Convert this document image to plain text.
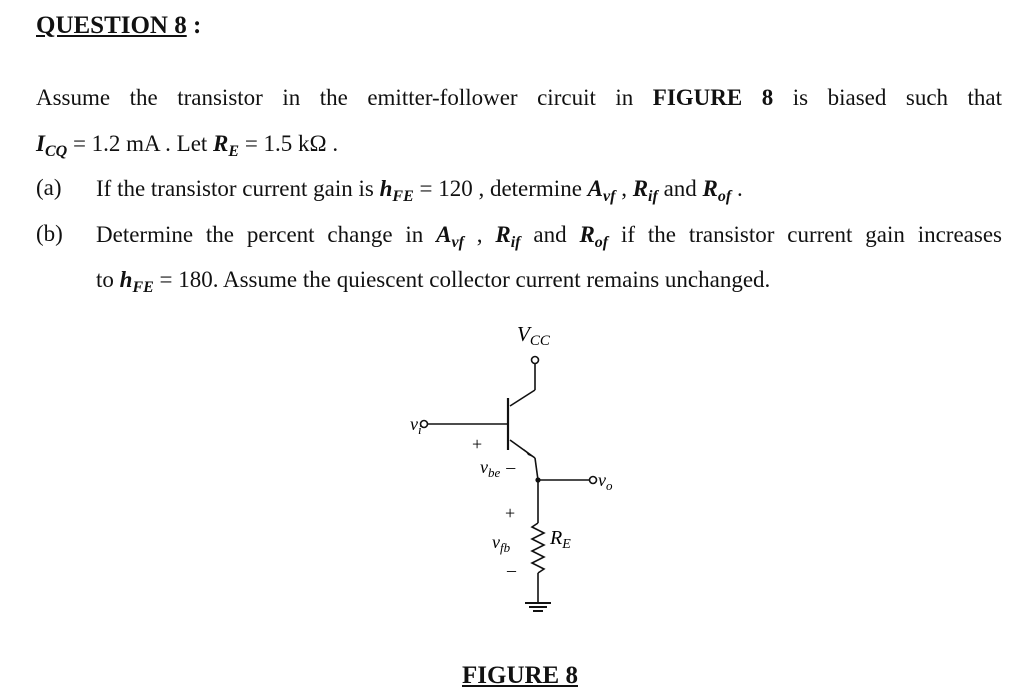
QUESTION 8 :
Assume the transistor in the emitter-follower circuit in FIGURE 8 is biased such that
$I_{CQ} = 1.2$ mA . Let $R_E = 1.5$ kΩ .
(a) If the transistor current gain is $h_{FE} = 120$ , determine $A_{vf}$ , $R_{if}$ and $R_{of}$ .
(b) Determine the percent change in $A_{vf}$ , $R_{if}$ and $R_{of}$ if the transistor current gain increases
to $h_{FE} = 180$. Assume the quiescent collector current remains unchanged.
VCC
$v_i$
+
$v_{be}$ –
$v_o$
+
$v_{fb}$
–
$R_E$
FIGURE 8
